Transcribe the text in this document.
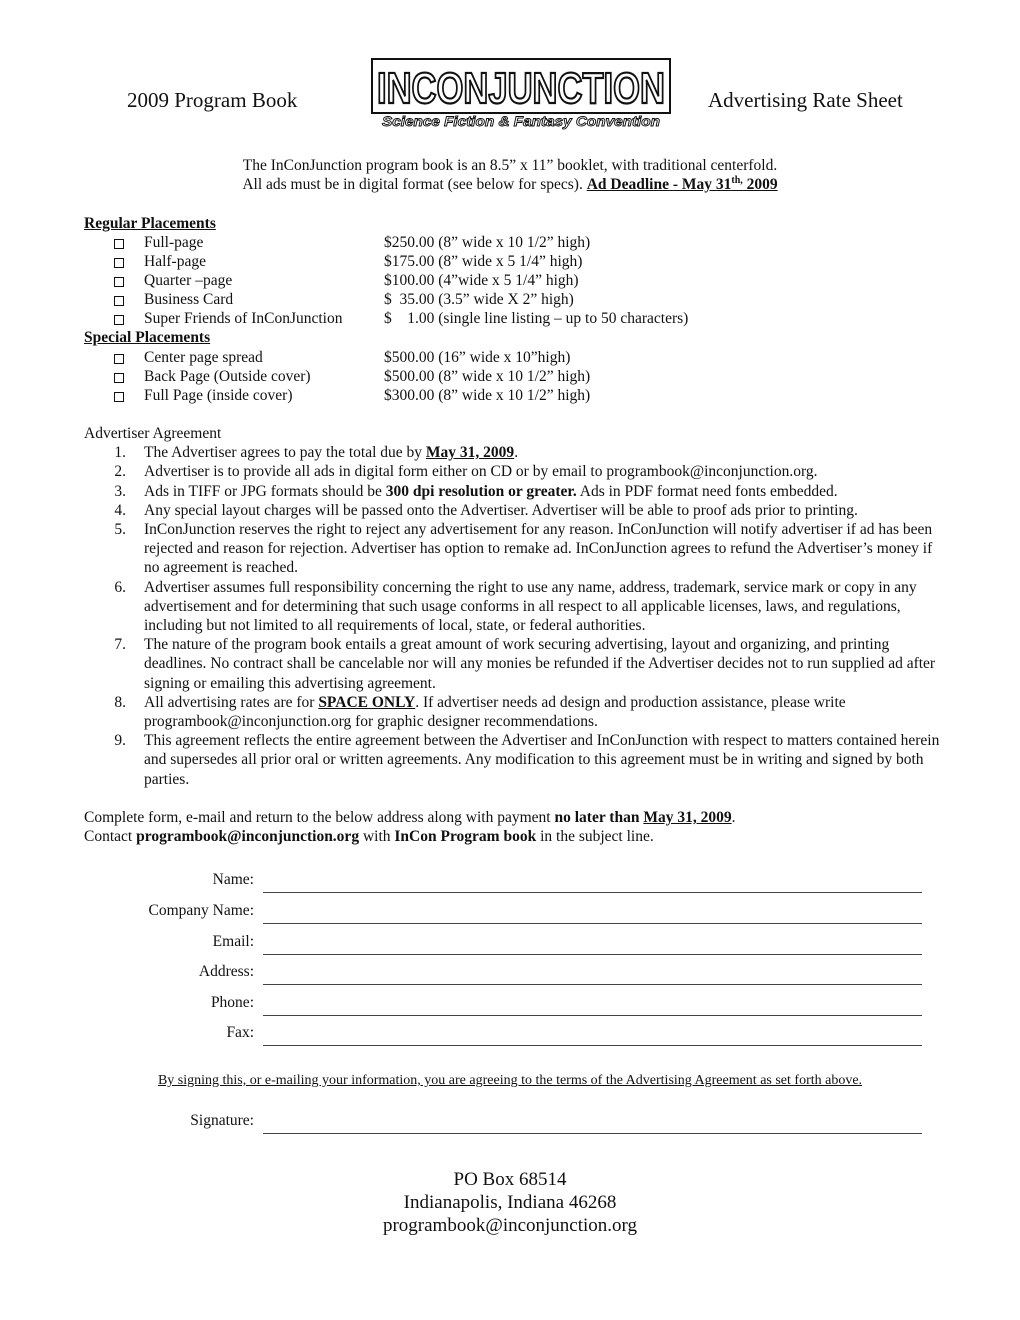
2009 Program Book	Advertising Rate Sheet
INCONJUNCTION
Science Fiction & Fantasy Convention
The InConJunction program book is an 8.5” x 11” booklet, with traditional centerfold.
All ads must be in digital format (see below for specs). Ad Deadline - May $31^{th,}$ 2009
Regular Placements
Full-page	$250.00 (8” wide x 10 1/2” high)
Half-page	$175.00 (8” wide x 5 1/4” high)
Quarter –page	$100.00 (4”wide x 5 1/4” high)
Business Card	$  35.00 (3.5” wide X 2” high)
Super Friends of InConJunction	$    1.00 (single line listing – up to 50 characters)
Special Placements
Center page spread	$500.00 (16” wide x 10”high)
Back Page (Outside cover)	$500.00 (8” wide x 10 1/2” high)
Full Page (inside cover)	$300.00 (8” wide x 10 1/2” high)
Advertiser Agreement
1. The Advertiser agrees to pay the total due by May 31, 2009.
2. Advertiser is to provide all ads in digital form either on CD or by email to programbook@inconjunction.org.
3. Ads in TIFF or JPG formats should be 300 dpi resolution or greater. Ads in PDF format need fonts embedded.
4. Any special layout charges will be passed onto the Advertiser. Advertiser will be able to proof ads prior to printing.
5. InConJunction reserves the right to reject any advertisement for any reason. InConJunction will notify advertiser if ad has been rejected and reason for rejection. Advertiser has option to remake ad. InConJunction agrees to refund the Advertiser’s money if no agreement is reached.
6. Advertiser assumes full responsibility concerning the right to use any name, address, trademark, service mark or copy in any advertisement and for determining that such usage conforms in all respect to all applicable licenses, laws, and regulations, including but not limited to all requirements of local, state, or federal authorities.
7. The nature of the program book entails a great amount of work securing advertising, layout and organizing, and printing deadlines. No contract shall be cancelable nor will any monies be refunded if the Advertiser decides not to run supplied ad after signing or emailing this advertising agreement.
8. All advertising rates are for SPACE ONLY. If advertiser needs ad design and production assistance, please write programbook@inconjunction.org for graphic designer recommendations.
9. This agreement reflects the entire agreement between the Advertiser and InConJunction with respect to matters contained herein and supersedes all prior oral or written agreements. Any modification to this agreement must be in writing and signed by both parties.
Complete form, e-mail and return to the below address along with payment no later than May 31, 2009.
Contact programbook@inconjunction.org with InCon Program book in the subject line.
Name:
Company Name:
Email:
Address:
Phone:
Fax:
By signing this, or e-mailing your information, you are agreeing to the terms of the Advertising Agreement as set forth above.
Signature:
PO Box 68514
Indianapolis, Indiana 46268
programbook@inconjunction.org
